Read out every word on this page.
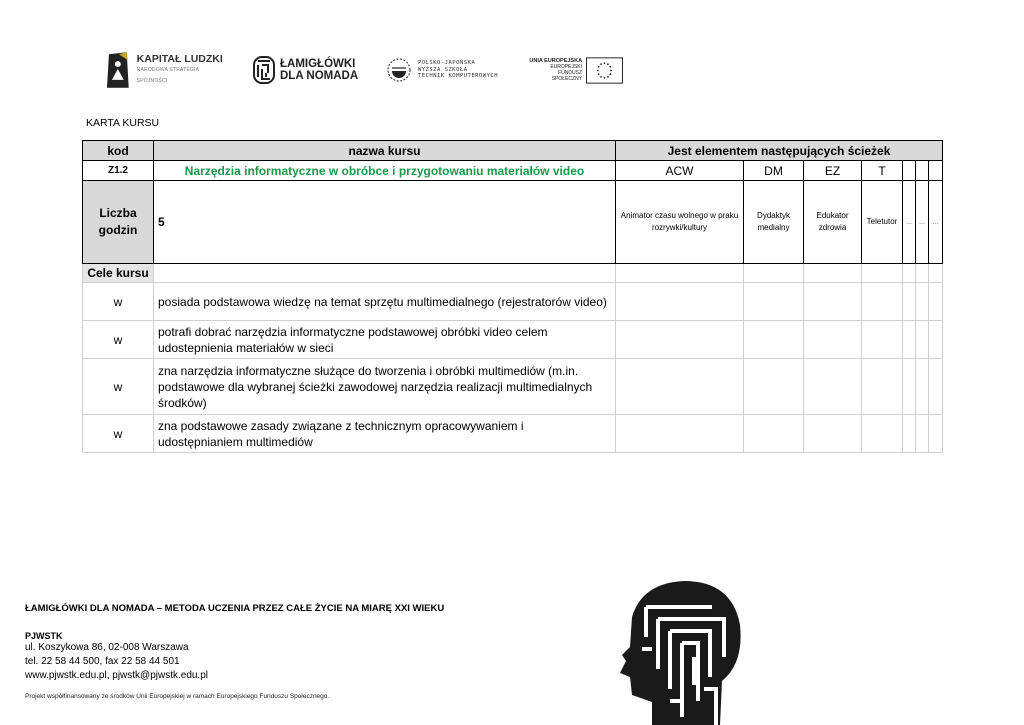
KAPITAŁ LUDZKI
NARODOWA STRATEGIA SPÓJNOŚCI
ŁAMIGŁÓWKI
DLA NOMADA
POLSKO-JAPOŃSKA
WYŻSZA SZKOŁA
TECHNIK KOMPUTEROWYCH
UNIA EUROPEJSKA
EUROPEJSKI
FUNDUSZ SPOŁECZNY
KARTA KURSU
kod	nazwa kursu	Jest elementem następujących ścieżek						
Z1.2	Narzędzia informatyczne w obróbce i przygotowaniu materiałów video	ACW	DM	EZ	T			
Liczba godzin	5	Animator czasu wolnego w praku rozrywki/kultury	Dydaktyk medialny	Edukator zdrowia	Teletutor	...	...	...
Cele kursu								
w	posiada podstawowa wiedzę na temat sprzętu multimedialnego (rejestratorów video)							
w	potrafi dobrać narzędzia informatyczne podstawowej obróbki video celem udostepnienia materiałów w sieci							
w	zna narzędzia informatyczne służące do tworzenia i obróbki multimediów (m.in. podstawowe dla wybranej ścieżki zawodowej narzędzia realizacji multimedialnych środków)							
w	zna podstawowe zasady związane z technicznym opracowywaniem i udostępnianiem multimediów							
ŁAMIGŁÓWKI DLA NOMADA – METODA UCZENIA PRZEZ CAŁE ŻYCIE NA MIARĘ XXI WIEKU
PJWSTK
ul. Koszykowa 86, 02-008 Warszawa
tel. 22 58 44 500, fax 22 58 44 501
www.pjwstk.edu.pl, pjwstk@pjwstk.edu.pl
Projekt współfinansowany ze środków Unii Europejskiej w ramach Europejskiego Funduszu Społecznego.
